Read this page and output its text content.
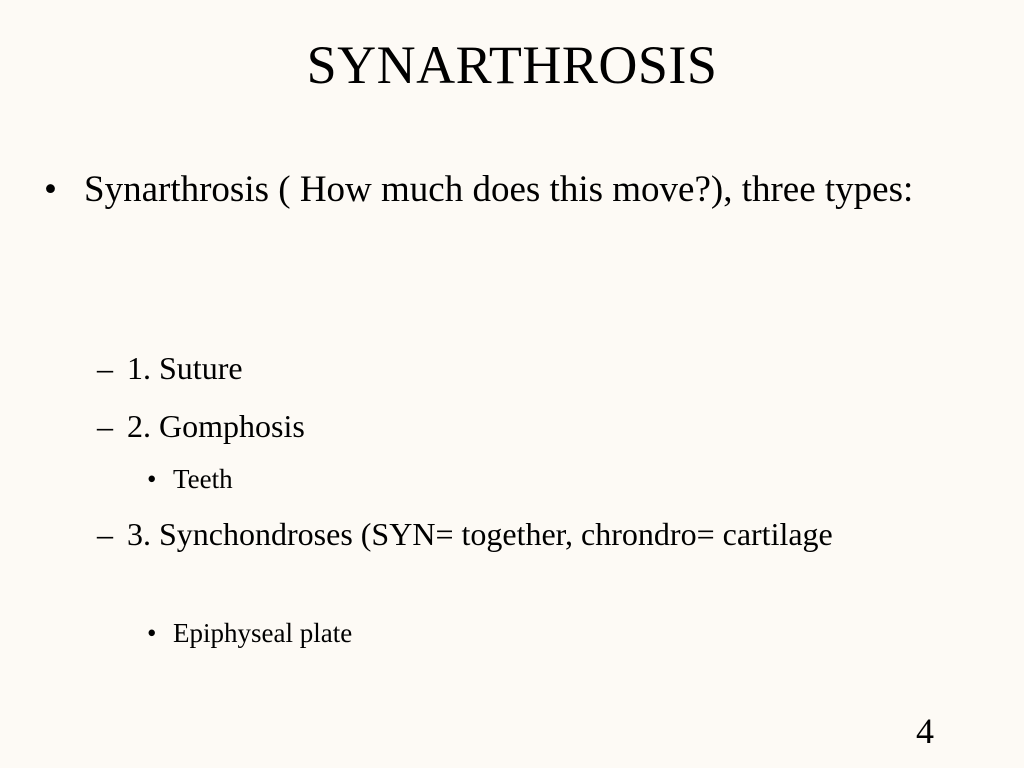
SYNARTHROSIS
• Synarthrosis ( How much does this move?), three types:
– 1. Suture
– 2. Gomphosis
• Teeth
– 3. Synchondroses (SYN= together, chrondro= cartilage
• Epiphyseal plate
4
